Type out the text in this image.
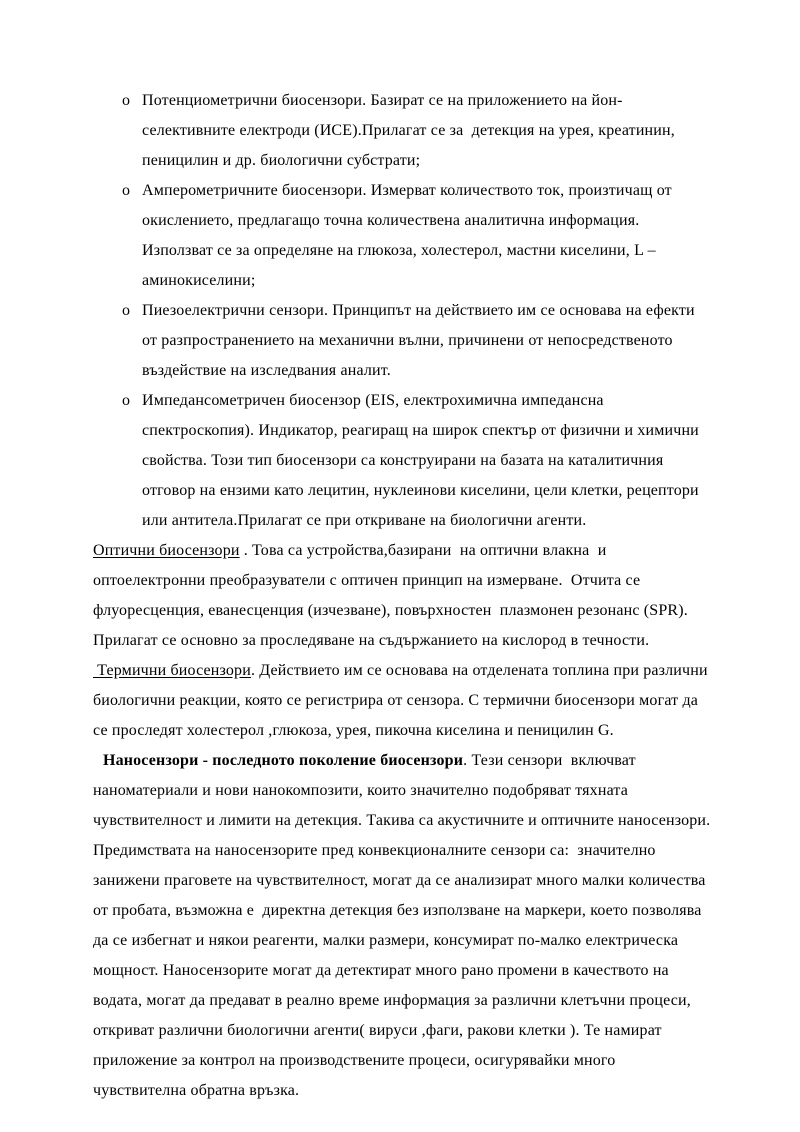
o Потенциометрични биосензори. Базират се на приложението на йон-
селективните електроди (ИСЕ).Прилагат се за  детекция на урея, креатинин,
пеницилин и др. биологични субстрати;
o Амперометричните биосензори. Измерват количеството ток, произтичащ от
окислението, предлагащо точна количествена аналитична информация.
Използват се за определяне на глюкоза, холестерол, мастни киселини, L –
аминокиселини;
o Пиезоелектрични сензори. Принципът на действието им се основава на ефекти
от разпространението на механични вълни, причинени от непосредственото
въздействие на изследвания аналит.
o Импедансометричен биосензор (EIS, електрохимична импедансна
спектроскопия). Индикатор, реагиращ на широк спектър от физични и химични
свойства. Този тип биосензори са конструирани на базата на каталитичния
отговор на ензими като лецитин, нуклеинови киселини, цели клетки, рецептори
или антитела.Прилагат се при откриване на биологични агенти.

Оптични биосензори . Това са устройства,базирани  на оптични влакна  и
оптоелектронни преобразуватели с оптичен принцип на измерване.  Отчита се
флуоресценция, еванесценция (изчезване), повърхностен  плазмонен резонанс (SPR).
Прилагат се основно за проследяване на съдържанието на кислород в течности.

Термични биосензори. Действието им се основава на отделената топлина при различни
биологични реакции, която се регистрира от сензора. С термични биосензори могат да
се проследят холестерол ,глюкоза, урея, пикочна киселина и пеницилин G.

Наносензори - последното поколение биосензори. Тези сензори  включват
наноматериали и нови нанокомпозити, които значително подобряват тяхната
чувствителност и лимити на детекция. Такива са акустичните и оптичните наносензори.
Предимствата на наносензорите пред конвекционалните сензори са:  значително
занижени праговете на чувствителност, могат да се анализират много малки количества
от пробата, възможна е  директна детекция без използване на маркери, което позволява
да се избегнат и някои реагенти, малки размери, консумират по-малко електрическа
мощност. Наносензорите могат да детектират много рано промени в качеството на
водата, могат да предават в реално време информация за различни клетъчни процеси,
откриват различни биологични агенти( вируси ,фаги, ракови клетки ). Те намират
приложение за контрол на производствените процеси, осигурявайки много
чувствителна обратна връзка.
